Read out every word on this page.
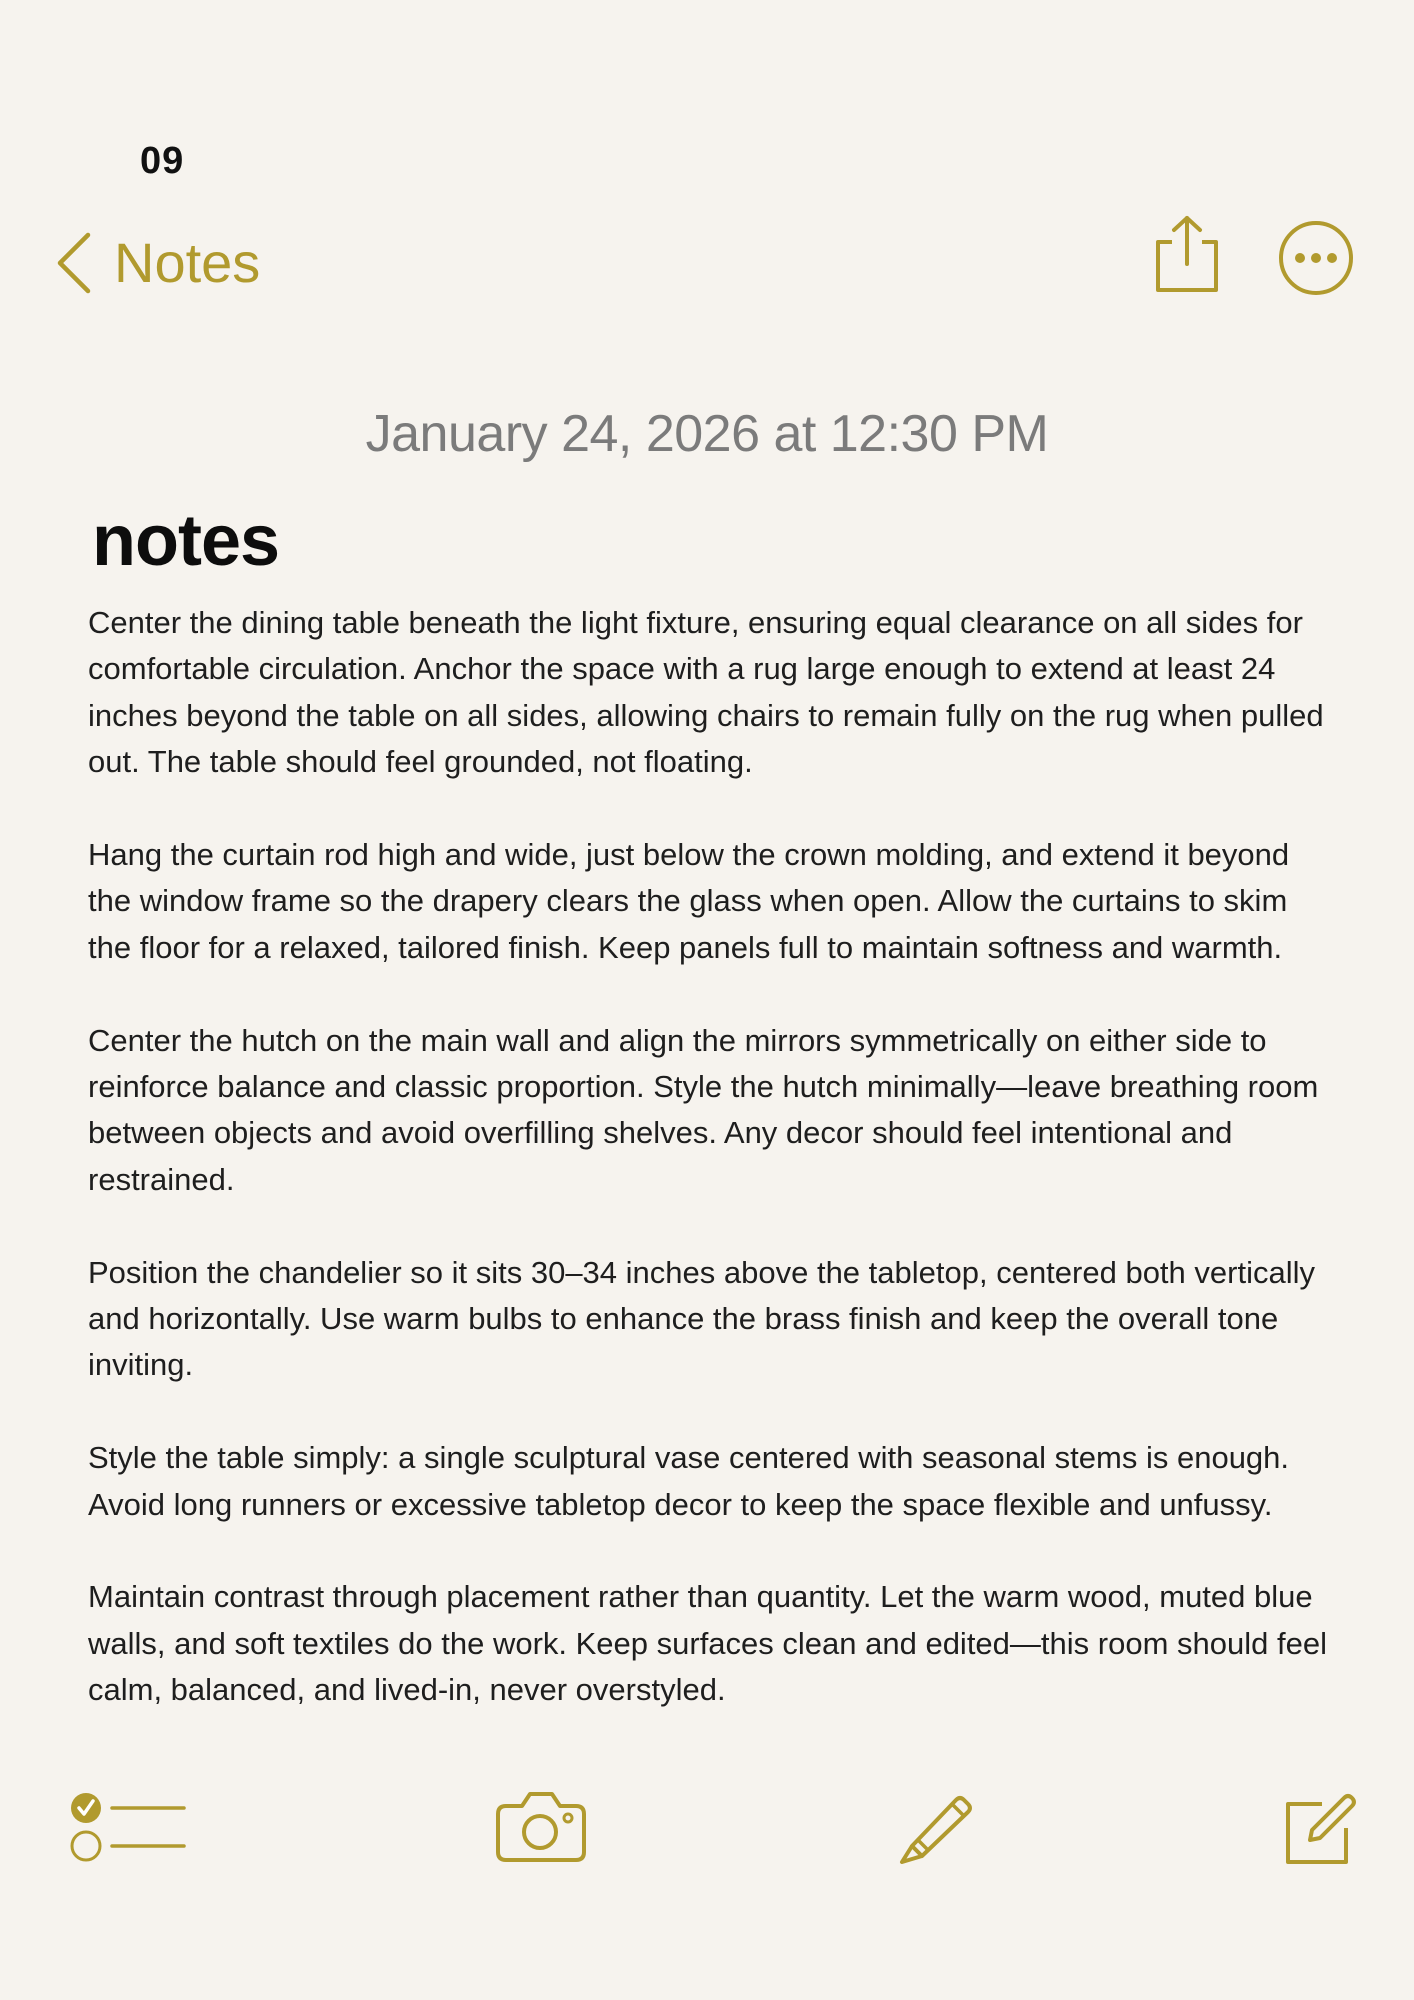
09
Notes
January 24, 2026 at 12:30 PM
notes

Center the dining table beneath the light fixture, ensuring equal clearance on all sides for comfortable circulation. Anchor the space with a rug large enough to extend at least 24 inches beyond the table on all sides, allowing chairs to remain fully on the rug when pulled out. The table should feel grounded, not floating.

Hang the curtain rod high and wide, just below the crown molding, and extend it beyond the window frame so the drapery clears the glass when open. Allow the curtains to skim the floor for a relaxed, tailored finish. Keep panels full to maintain softness and warmth.

Center the hutch on the main wall and align the mirrors symmetrically on either side to reinforce balance and classic proportion. Style the hutch minimally—leave breathing room between objects and avoid overfilling shelves. Any decor should feel intentional and restrained.

Position the chandelier so it sits 30–34 inches above the tabletop, centered both vertically and horizontally. Use warm bulbs to enhance the brass finish and keep the overall tone inviting.

Style the table simply: a single sculptural vase centered with seasonal stems is enough. Avoid long runners or excessive tabletop decor to keep the space flexible and unfussy.

Maintain contrast through placement rather than quantity. Let the warm wood, muted blue walls, and soft textiles do the work. Keep surfaces clean and edited—this room should feel calm, balanced, and lived-in, never overstyled.
